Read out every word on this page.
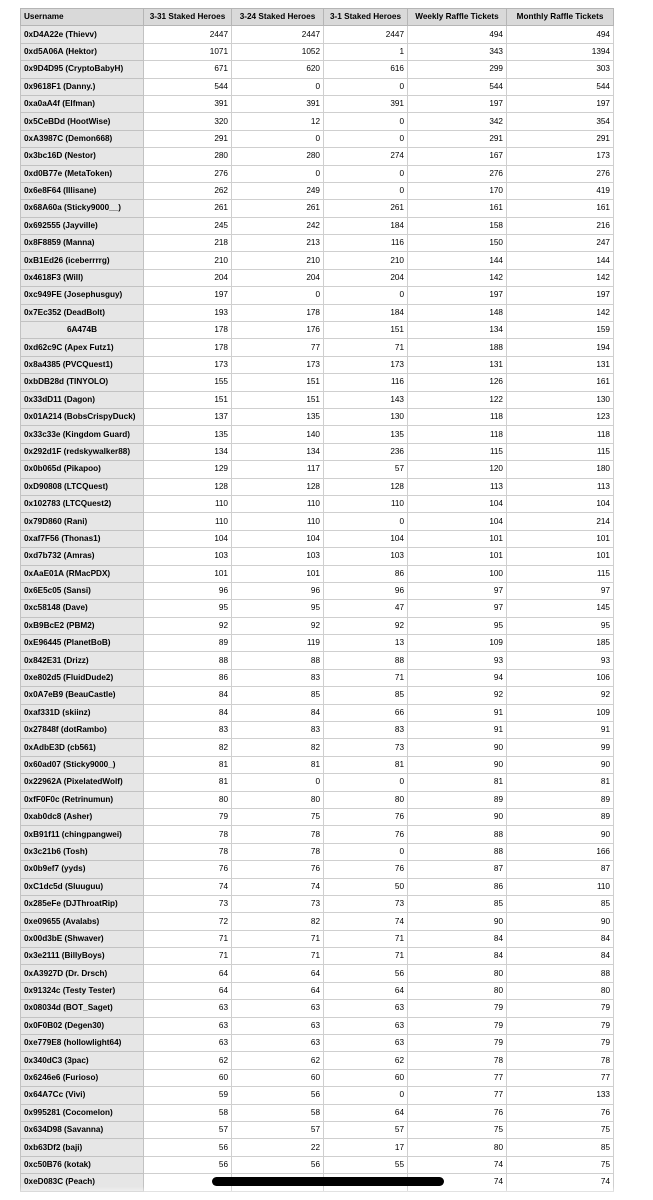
Username	3-31 Staked Heroes	3-24 Staked Heroes	3-1 Staked Heroes	Weekly Raffle Tickets	Monthly Raffle Tickets
0xD4A22e (Thievv)	2447	2447	2447	494	494
0xd5A06A (Hektor)	1071	1052	1	343	1394
0x9D4D95 (CryptoBabyH)	671	620	616	299	303
0x9618F1 (Danny.)	544	0	0	544	544
0xa0aA4f (Elfman)	391	391	391	197	197
0x5CeBDd (HootWise)	320	12	0	342	354
0xA3987C (Demon668)	291	0	0	291	291
0x3bc16D (Nestor)	280	280	274	167	173
0xd0B77e (MetaToken)	276	0	0	276	276
0x6e8F64 (Illisane)	262	249	0	170	419
0x68A60a (Sticky9000__)	261	261	261	161	161
0x692555 (Jayville)	245	242	184	158	216
0x8F8859 (Manna)	218	213	116	150	247
0xB1Ed26 (iceberrrrg)	210	210	210	144	144
0x4618F3 (Will)	204	204	204	142	142
0xc949FE (Josephusguy)	197	0	0	197	197
0x7Ec352 (DeadBolt)	193	178	184	148	142
6A474B	178	176	151	134	159
0xd62c9C (Apex Futz1)	178	77	71	188	194
0x8a4385 (PVCQuest1)	173	173	173	131	131
0xbDB28d (TINYOLO)	155	151	116	126	161
0x33dD11 (Dagon)	151	151	143	122	130
0x01A214 (BobsCrispyDuck)	137	135	130	118	123
0x33c33e (Kingdom Guard)	135	140	135	118	118
0x292d1F (redskywalker88)	134	134	236	115	115
0x0b065d (Pikapoo)	129	117	57	120	180
0xD90808 (LTCQuest)	128	128	128	113	113
0x102783 (LTCQuest2)	110	110	110	104	104
0x79D860 (Rani)	110	110	0	104	214
0xaf7F56 (Thonas1)	104	104	104	101	101
0xd7b732 (Amras)	103	103	103	101	101
0xAaE01A (RMacPDX)	101	101	86	100	115
0x6E5c05 (Sansi)	96	96	96	97	97
0xc58148 (Dave)	95	95	47	97	145
0xB9BcE2 (PBM2)	92	92	92	95	95
0xE96445 (PlanetBoB)	89	119	13	109	185
0x842E31 (Drizz)	88	88	88	93	93
0xe802d5 (FluidDude2)	86	83	71	94	106
0x0A7eB9 (BeauCastle)	84	85	85	92	92
0xaf331D (skiinz)	84	84	66	91	109
0x27848f (dotRambo)	83	83	83	91	91
0xAdbE3D (cb561)	82	82	73	90	99
0x60ad07 (Sticky9000_)	81	81	81	90	90
0x22962A (PixelatedWolf)	81	0	0	81	81
0xfF0F0c (Retrinumun)	80	80	80	89	89
0xab0dc8 (Asher)	79	75	76	90	89
0xB91f11 (chingpangwei)	78	78	76	88	90
0x3c21b6 (Tosh)	78	78	0	88	166
0x0b9ef7 (yyds)	76	76	76	87	87
0xC1dc5d (Sluuguu)	74	74	50	86	110
0x285eFe (DJThroatRip)	73	73	73	85	85
0xe09655 (Avalabs)	72	82	74	90	90
0x00d3bE (Shwaver)	71	71	71	84	84
0x3e2111 (BillyBoys)	71	71	71	84	84
0xA3927D (Dr. Drsch)	64	64	56	80	88
0x91324c (Testy Tester)	64	64	64	80	80
0x08034d (BOT_Saget)	63	63	63	79	79
0x0F0B02 (Degen30)	63	63	63	79	79
0xe779E8 (hollowlight64)	63	63	63	79	79
0x340dC3 (3pac)	62	62	62	78	78
0x6246e6 (Furioso)	60	60	60	77	77
0x64A7Cc (Vivi)	59	56	0	77	133
0x995281 (Cocomelon)	58	58	64	76	76
0x634D98 (Savanna)	57	57	57	75	75
0xb63Df2 (baji)	56	22	17	80	85
0xc50B76 (kotak)	56	56	55	74	75
0xeD083C (Peach)				74	74
